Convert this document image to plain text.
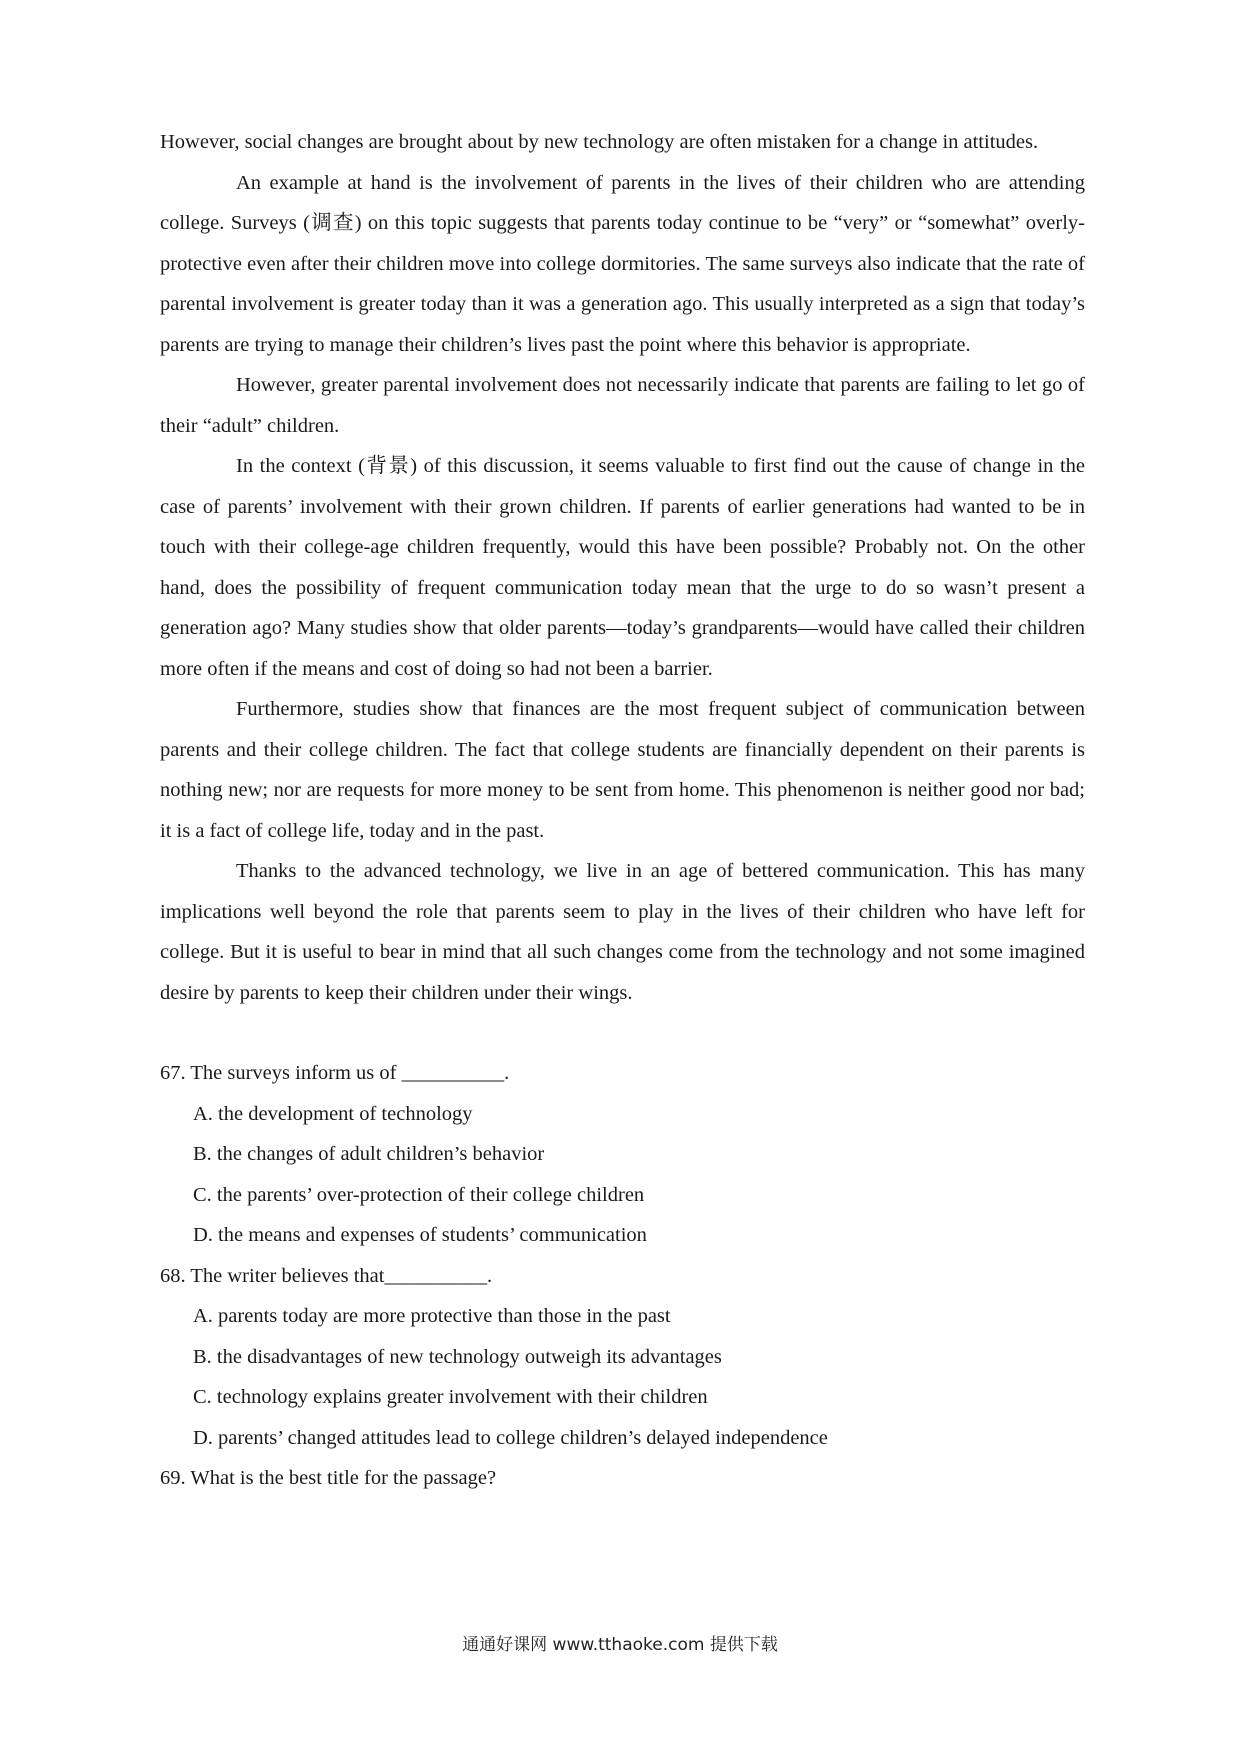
However, social changes are brought about by new technology are often mistaken for a change in attitudes.

An example at hand is the involvement of parents in the lives of their children who are attending college. Surveys (调查) on this topic suggests that parents today continue to be “very” or “somewhat” overly-protective even after their children move into college dormitories. The same surveys also indicate that the rate of parental involvement is greater today than it was a generation ago. This usually interpreted as a sign that today’s parents are trying to manage their children’s lives past the point where this behavior is appropriate.

However, greater parental involvement does not necessarily indicate that parents are failing to let go of their “adult” children.

In the context (背景) of this discussion, it seems valuable to first find out the cause of change in the case of parents’ involvement with their grown children. If parents of earlier generations had wanted to be in touch with their college-age children frequently, would this have been possible? Probably not. On the other hand, does the possibility of frequent communication today mean that the urge to do so wasn’t present a generation ago? Many studies show that older parents—today’s grandparents—would have called their children more often if the means and cost of doing so had not been a barrier.

Furthermore, studies show that finances are the most frequent subject of communication between parents and their college children. The fact that college students are financially dependent on their parents is nothing new; nor are requests for more money to be sent from home. This phenomenon is neither good nor bad; it is a fact of college life, today and in the past.

Thanks to the advanced technology, we live in an age of bettered communication. This has many implications well beyond the role that parents seem to play in the lives of their children who have left for college. But it is useful to bear in mind that all such changes come from the technology and not some imagined desire by parents to keep their children under their wings.

67. The surveys inform us of __________.

A. the development of technology

B. the changes of adult children’s behavior

C. the parents’ over-protection of their college children

D. the means and expenses of students’ communication

68. The writer believes that__________.

A. parents today are more protective than those in the past

B. the disadvantages of new technology outweigh its advantages

C. technology explains greater involvement with their children

D. parents’ changed attitudes lead to college children’s delayed independence

69. What is the best title for the passage?

通通好课网 www.tthaoke.com 提供下载
